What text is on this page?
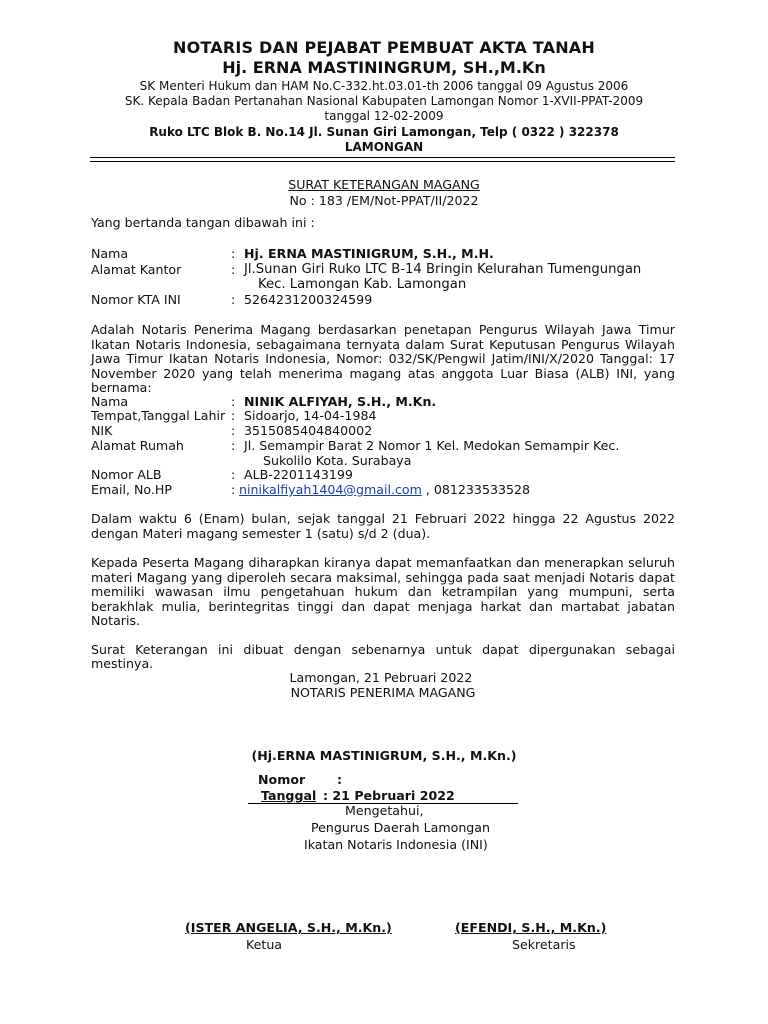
NOTARIS DAN PEJABAT PEMBUAT AKTA TANAH
Hj. ERNA MASTININGRUM, SH.,M.Kn
SK Menteri Hukum dan HAM No.C-332.ht.03.01-th 2006 tanggal 09 Agustus 2006
SK. Kepala Badan Pertanahan Nasional Kabupaten Lamongan Nomor 1-XVII-PPAT-2009
tanggal 12-02-2009
Ruko LTC Blok B. No.14 Jl. Sunan Giri Lamongan, Telp ( 0322 ) 322378
LAMONGAN
SURAT KETERANGAN MAGANG
No : 183 /EM/Not-PPAT/II/2022
Yang bertanda tangan dibawah ini :
Nama	: Hj. ERNA MASTINIGRUM, S.H., M.H.
Alamat Kantor	: Jl.Sunan Giri Ruko LTC B-14 Bringin Kelurahan Tumengungan
Kec. Lamongan Kab. Lamongan
Nomor KTA INI	: 5264231200324599
Adalah Notaris Penerima Magang berdasarkan penetapan Pengurus Wilayah Jawa Timur
Ikatan Notaris Indonesia, sebagaimana ternyata dalam Surat Keputusan Pengurus Wilayah
Jawa Timur Ikatan Notaris Indonesia, Nomor: 032/SK/Pengwil Jatim/INI/X/2020 Tanggal: 17
November 2020 yang telah menerima magang atas anggota Luar Biasa (ALB) INI, yang
bernama:
Nama	: NINIK ALFIYAH, S.H., M.Kn.
Tempat,Tanggal Lahir : Sidoarjo, 14-04-1984
NIK	: 3515085404840002
Alamat Rumah	: Jl. Semampir Barat 2 Nomor 1 Kel. Medokan Semampir Kec.
Sukolilo Kota. Surabaya
Nomor ALB	: ALB-2201143199
Email, No.HP	: ninikalfiyah1404@gmail.com , 081233533528
Dalam waktu 6 (Enam) bulan, sejak tanggal 21 Februari 2022 hingga 22 Agustus 2022
dengan Materi magang semester 1 (satu) s/d 2 (dua).
Kepada Peserta Magang diharapkan kiranya dapat memanfaatkan dan menerapkan seluruh
materi Magang yang diperoleh secara maksimal, sehingga pada saat menjadi Notaris dapat
memiliki wawasan ilmu pengetahuan hukum dan ketrampilan yang mumpuni, serta
berakhlak mulia, berintegritas tinggi dan dapat menjaga harkat dan martabat jabatan
Notaris.
Surat Keterangan ini dibuat dengan sebenarnya untuk dapat dipergunakan sebagai
mestinya.
Lamongan, 21 Pebruari 2022
NOTARIS PENERIMA MAGANG
(Hj.ERNA MASTINIGRUM, S.H., M.Kn.)
Nomor	:
Tanggal : 21 Pebruari 2022
Mengetahui,
Pengurus Daerah Lamongan
Ikatan Notaris Indonesia (INI)
(ISTER ANGELIA, S.H., M.Kn.)
Ketua
(EFENDI, S.H., M.Kn.)
Sekretaris
